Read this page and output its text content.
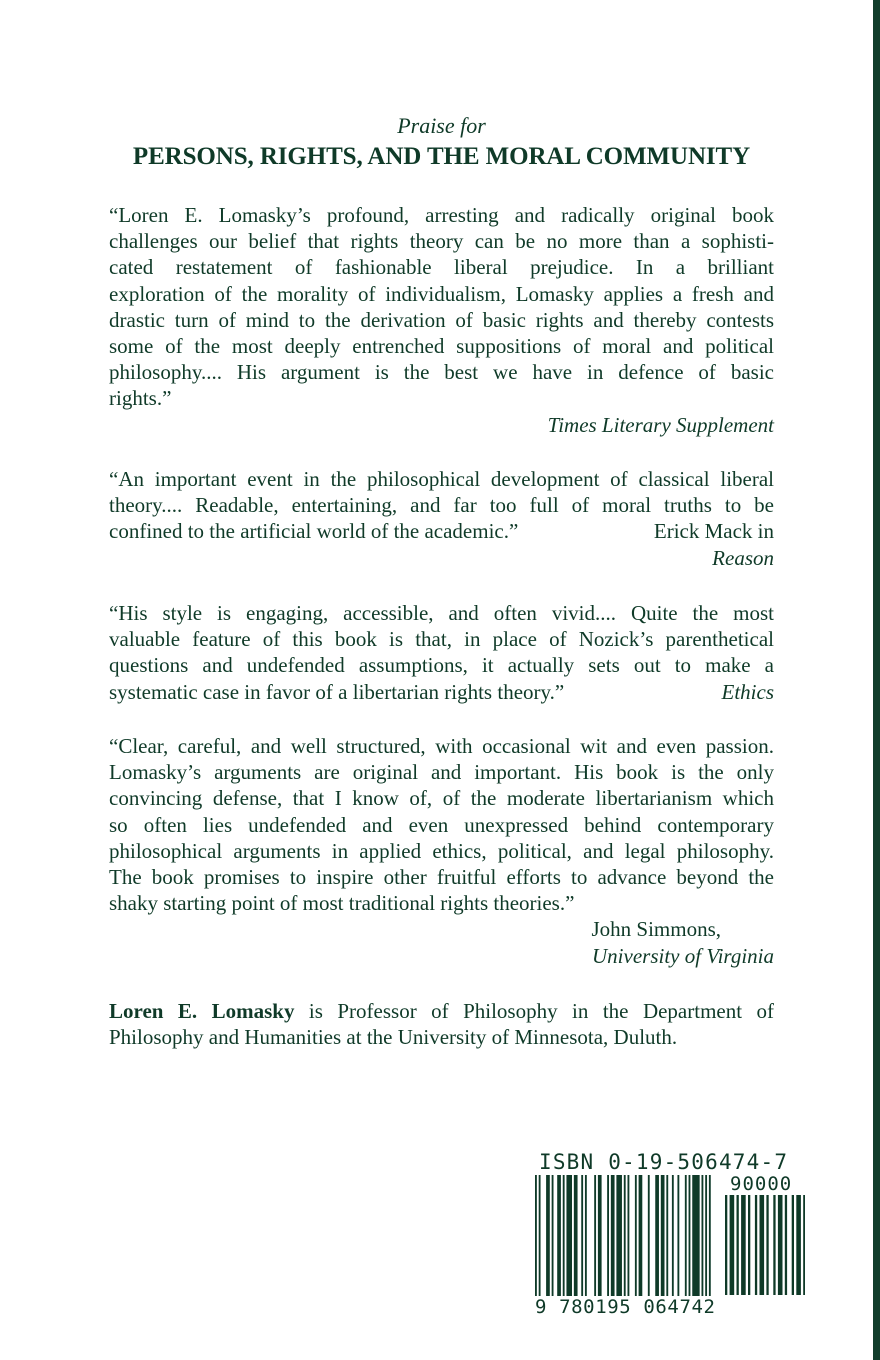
Praise for
PERSONS, RIGHTS, AND THE MORAL COMMUNITY
“Loren E. Lomasky’s profound, arresting and radically original book
challenges our belief that rights theory can be no more than a sophisti-
cated restatement of fashionable liberal prejudice. In a brilliant
exploration of the morality of individualism, Lomasky applies a fresh and
drastic turn of mind to the derivation of basic rights and thereby contests
some of the most deeply entrenched suppositions of moral and political
philosophy.... His argument is the best we have in defence of basic
rights.”
Times Literary Supplement
“An important event in the philosophical development of classical liberal
theory.... Readable, entertaining, and far too full of moral truths to be
confined to the artificial world of the academic.”	Erick Mack in
Reason
“His style is engaging, accessible, and often vivid.... Quite the most
valuable feature of this book is that, in place of Nozick’s parenthetical
questions and undefended assumptions, it actually sets out to make a
systematic case in favor of a libertarian rights theory.”	Ethics
“Clear, careful, and well structured, with occasional wit and even passion.
Lomasky’s arguments are original and important. His book is the only
convincing defense, that I know of, of the moderate libertarianism which
so often lies undefended and even unexpressed behind contemporary
philosophical arguments in applied ethics, political, and legal philosophy.
The book promises to inspire other fruitful efforts to advance beyond the
shaky starting point of most traditional rights theories.”
John Simmons,
University of Virginia
Loren E. Lomasky is Professor of Philosophy in the Department of
Philosophy and Humanities at the University of Minnesota, Duluth.
ISBN 0-19-506474-7
90000
9 780195 064742
